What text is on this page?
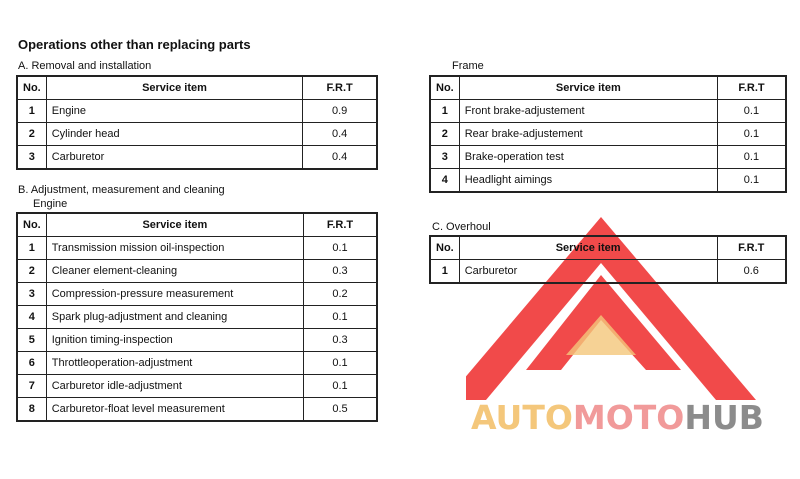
Operations other than replacing parts
A. Removal and installation
No.	Service item	F.R.T
1	Engine	0.9
2	Cylinder head	0.4
3	Carburetor	0.4
B. Adjustment, measurement and cleaning
Engine
No.	Service item	F.R.T
1	Transmission mission oil-inspection	0.1
2	Cleaner element-cleaning	0.3
3	Compression-pressure measurement	0.2
4	Spark plug-adjustment and cleaning	0.1
5	Ignition timing-inspection	0.3
6	Throttleoperation-adjustment	0.1
7	Carburetor idle-adjustment	0.1
8	Carburetor-float level measurement	0.5
Frame
No.	Service item	F.R.T
1	Front brake-adjustement	0.1
2	Rear brake-adjustement	0.1
3	Brake-operation test	0.1
4	Headlight aimings	0.1
C. Overhoul
No.	Service item	F.R.T
1	Carburetor	0.6
AUTOMOTOHUB
